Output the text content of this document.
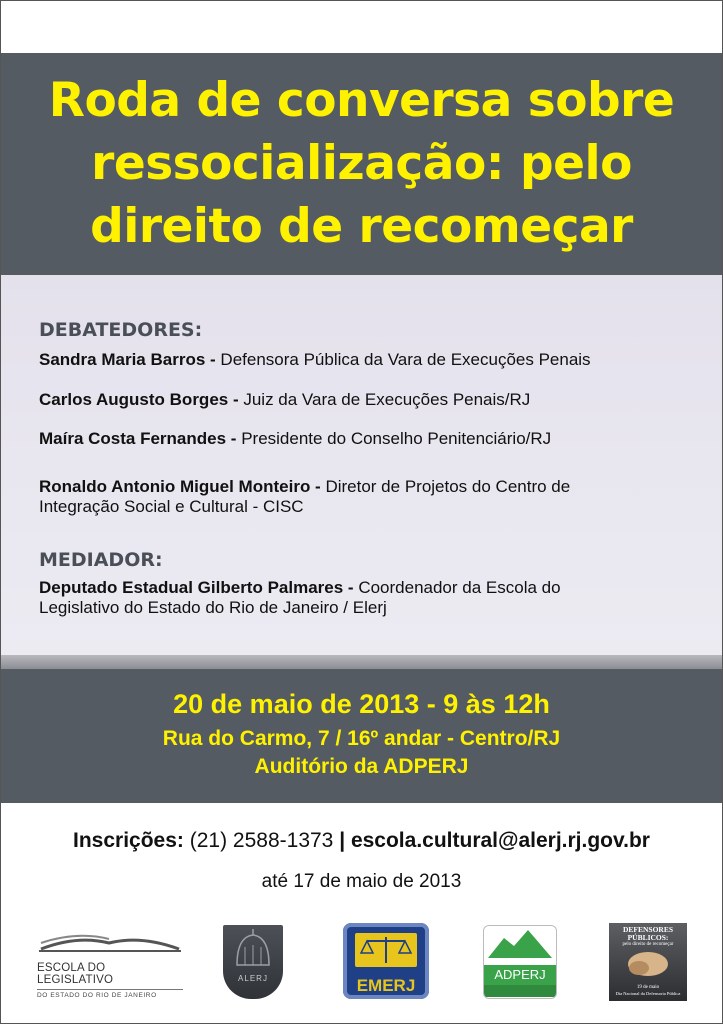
Roda de conversa sobre
ressocialização: pelo
direito de recomeçar
DEBATEDORES:
Sandra Maria Barros - Defensora Pública da Vara de Execuções Penais
Carlos Augusto Borges - Juiz da Vara de Execuções Penais/RJ
Maíra Costa Fernandes - Presidente do Conselho Penitenciário/RJ
Ronaldo Antonio Miguel Monteiro - Diretor de Projetos do Centro de
Integração Social e Cultural - CISC
MEDIADOR:
Deputado Estadual Gilberto Palmares - Coordenador da Escola do
Legislativo do Estado do Rio de Janeiro / Elerj
20 de maio de 2013 - 9 às 12h
Rua do Carmo, 7 / 16º andar - Centro/RJ
Auditório da ADPERJ
Inscrições: (21) 2588-1373 | escola.cultural@alerj.rj.gov.br
até 17 de maio de 2013
ESCOLA DO LEGISLATIVO
DO ESTADO DO RIO DE JANEIRO
ALERJ	EMERJ
ADPERJ
DEFENSORES
PÚBLICOS:
pelo direito de recomeçar
19 de maio
Dia Nacional da Defensoria Pública
